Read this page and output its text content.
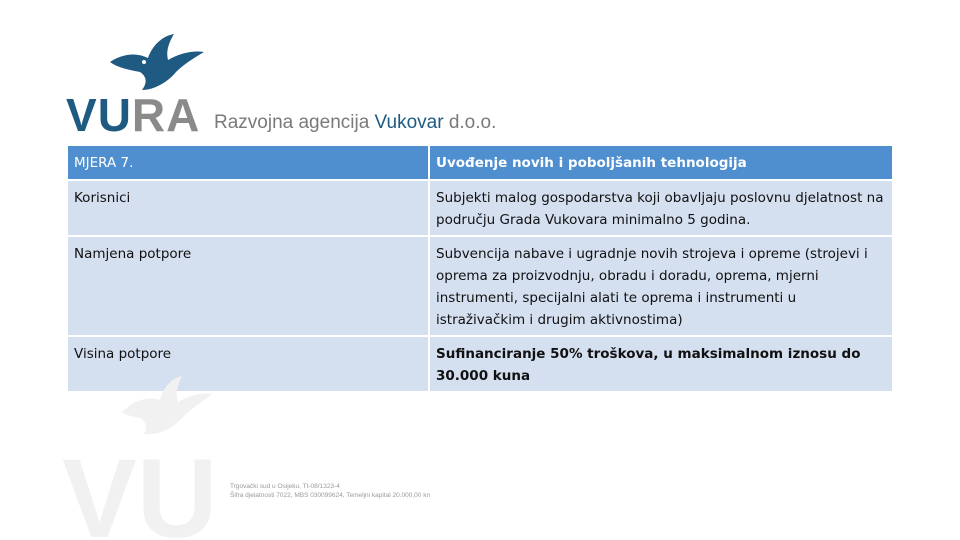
VURA Razvojna agencija Vukovar d.o.o.
MJERA 7.	Uvođenje novih i poboljšanih tehnologija
Korisnici	Subjekti malog gospodarstva koji obavljaju poslovnu djelatnost na području Grada Vukovara minimalno 5 godina.
Namjena potpore	Subvencija nabave i ugradnje novih strojeva i opreme (strojevi i oprema za proizvodnju, obradu i doradu, oprema, mjerni instrumenti, specijalni alati te oprema i instrumenti u istraživačkim i drugim aktivnostima)
Visina potpore	Sufinanciranje 50% troškova, u maksimalnom iznosu do 30.000 kuna
VU Trgovački sud u Osijeku, Tt-08/1323-4
Šifra djelatnosti 7022, MBS 030099624, Temeljni kapital 20.000,00 kn
